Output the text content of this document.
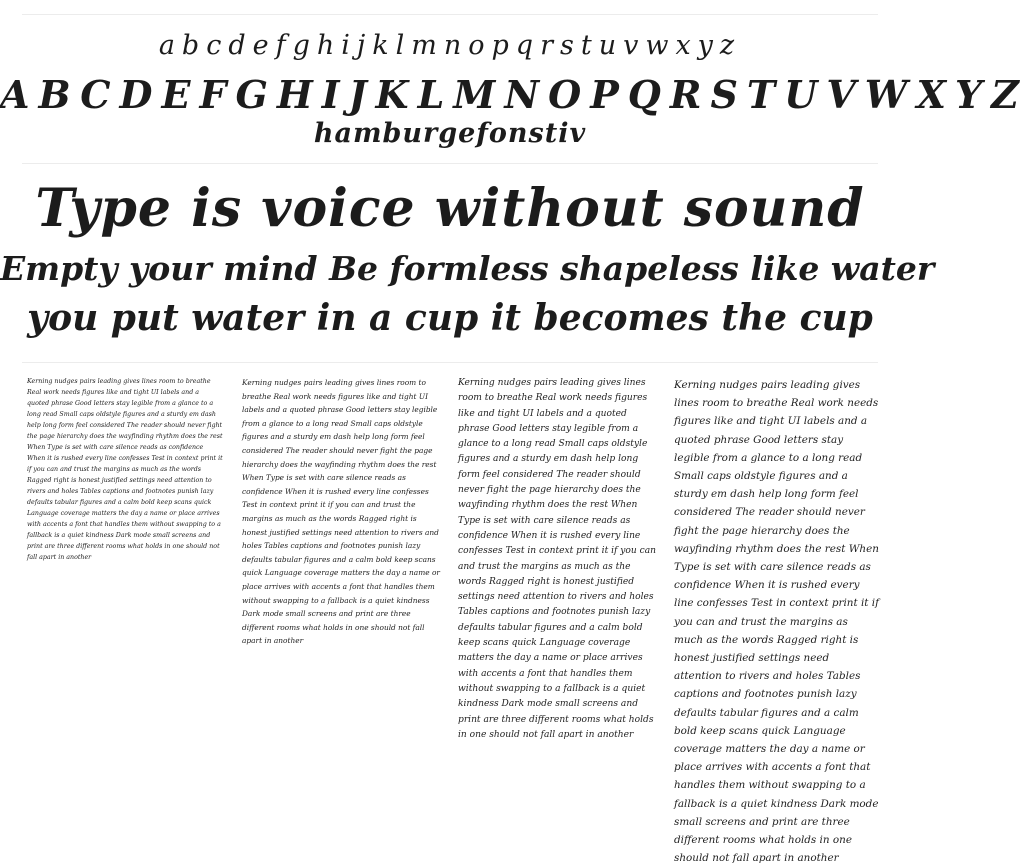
abcdefghijklmnopqrstuvwxyz
ABCDEFGHIJKLMNOPQRSTUVWXYZ
hamburgefonstiv
Type is voice without sound
Empty your mind Be formless shapeless like water
you put water in a cup it becomes the cup
Kerning nudges pairs leading gives lines room to breathe Real work needs figures like and tight UI labels and a quoted phrase Good letters stay legible from a glance to a long read Small caps oldstyle figures and a sturdy em dash help long form feel considered The reader should never fight the page hierarchy does the wayfinding rhythm does the rest When Type is set with care silence reads as confidence When it is rushed every line confesses Test in context print it if you can and trust the margins as much as the words Ragged right is honest justified settings need attention to rivers and holes Tables captions and footnotes punish lazy defaults tabular figures and a calm bold keep scans quick Language coverage matters the day a name or place arrives with accents a font that handles them without swapping to a fallback is a quiet kindness Dark mode small screens and print are three different rooms what holds in one should not fall apart in another
Kerning nudges pairs leading gives lines room to breathe Real work needs figures like and tight UI labels and a quoted phrase Good letters stay legible from a glance to a long read Small caps oldstyle figures and a sturdy em dash help long form feel considered The reader should never fight the page hierarchy does the wayfinding rhythm does the rest When Type is set with care silence reads as confidence When it is rushed every line confesses Test in context print it if you can and trust the margins as much as the words Ragged right is honest justified settings need attention to rivers and holes Tables captions and footnotes punish lazy defaults tabular figures and a calm bold keep scans quick Language coverage matters the day a name or place arrives with accents a font that handles them without swapping to a fallback is a quiet kindness Dark mode small screens and print are three different rooms what holds in one should not fall apart in another
Kerning nudges pairs leading gives lines room to breathe Real work needs figures like and tight UI labels and a quoted phrase Good letters stay legible from a glance to a long read Small caps oldstyle figures and a sturdy em dash help long form feel considered The reader should never fight the page hierarchy does the wayfinding rhythm does the rest When Type is set with care silence reads as confidence When it is rushed every line confesses Test in context print it if you can and trust the margins as much as the words Ragged right is honest justified settings need attention to rivers and holes Tables captions and footnotes punish lazy defaults tabular figures and a calm bold keep scans quick Language coverage matters the day a name or place arrives with accents a font that handles them without swapping to a fallback is a quiet kindness Dark mode small screens and print are three different rooms what holds in one should not fall apart in another
Kerning nudges pairs leading gives lines room to breathe Real work needs figures like and tight UI labels and a quoted phrase Good letters stay legible from a glance to a long read Small caps oldstyle figures and a sturdy em dash help long form feel considered The reader should never fight the page hierarchy does the wayfinding rhythm does the rest When Type is set with care silence reads as confidence When it is rushed every line confesses Test in context print it if you can and trust the margins as much as the words Ragged right is honest justified settings need attention to rivers and holes Tables captions and footnotes punish lazy defaults tabular figures and a calm bold keep scans quick Language coverage matters the day a name or place arrives with accents a font that handles them without swapping to a fallback is a quiet kindness Dark mode small screens and print are three different rooms what holds in one should not fall apart in another
